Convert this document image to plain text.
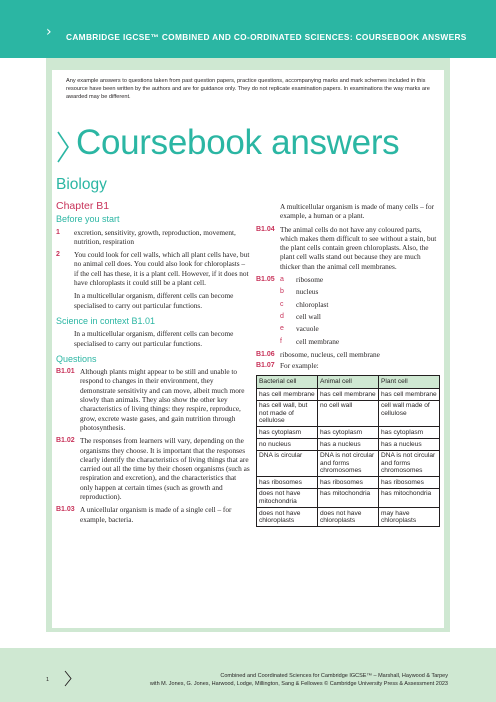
› CAMBRIDGE IGCSE™ COMBINED AND CO-ORDINATED SCIENCES: COURSEBOOK ANSWERS

Any example answers to questions taken from past question papers, practice questions, accompanying marks and mark schemes included in this resource have been written by the authors and are for guidance only. They do not replicate examination papers. In examinations the way marks are awarded may be different.

Coursebook answers
Biology
Chapter B1
Before you start
1 excretion, sensitivity, growth, reproduction, movement, nutrition, respiration
2 You could look for cell walls, which all plant cells have, but no animal cell does. You could also look for chloroplasts – if the cell has these, it is a plant cell. However, if it does not have chloroplasts it could still be a plant cell.

In a multicellular organism, different cells can become specialised to carry out particular functions.

Science in context B1.01

In a multicellular organism, different cells can become specialised to carry out particular functions.

Questions
B1.01 Although plants might appear to be still and unable to respond to changes in their environment, they demonstrate sensitivity and can move, albeit much more slowly than animals. They also show the other key characteristics of living things: they respire, reproduce, grow, excrete waste gases, and gain nutrition through photosynthesis.
B1.02 The responses from learners will vary, depending on the organisms they choose. It is important that the responses clearly identify the characteristics of living things that are carried out all the time by their chosen organisms (such as respiration and excretion), and the characteristics that only happen at certain times (such as growth and reproduction).
B1.03 A unicellular organism is made of a single cell – for example, bacteria.

A multicellular organism is made of many cells – for example, a human or a plant.

B1.04 The animal cells do not have any coloured parts, which makes them difficult to see without a stain, but the plant cells contain green chloroplasts. Also, the plant cell walls stand out because they are much thicker than the animal cell membranes.
B1.05 a ribosome
b nucleus
c chloroplast
d cell wall
e vacuole
f cell membrane
B1.06 ribosome, nucleus, cell membrane
B1.07 For example:
Bacterial cell	Animal cell	Plant cell
has cell membrane	has cell membrane	has cell membrane
has cell wall, but not made of cellulose	no cell wall	cell wall made of cellulose
has cytoplasm	has cytoplasm	has cytoplasm
no nucleus	has a nucleus	has a nucleus
DNA is circular	DNA is not circular and forms chromosomes	DNA is not circular and forms chromosomes
has ribosomes	has ribosomes	has ribosomes
does not have mitochondria	has mitochondria	has mitochondria
does not have chloroplasts	does not have chloroplasts	may have chloroplasts
1
Combined and Coordinated Sciences for Cambridge IGCSE™ – Marshall, Haywood & Tarpey
with M. Jones, G. Jones, Harwood, Lodge, Millington, Sang & Fellowes © Cambridge University Press & Assessment 2023
